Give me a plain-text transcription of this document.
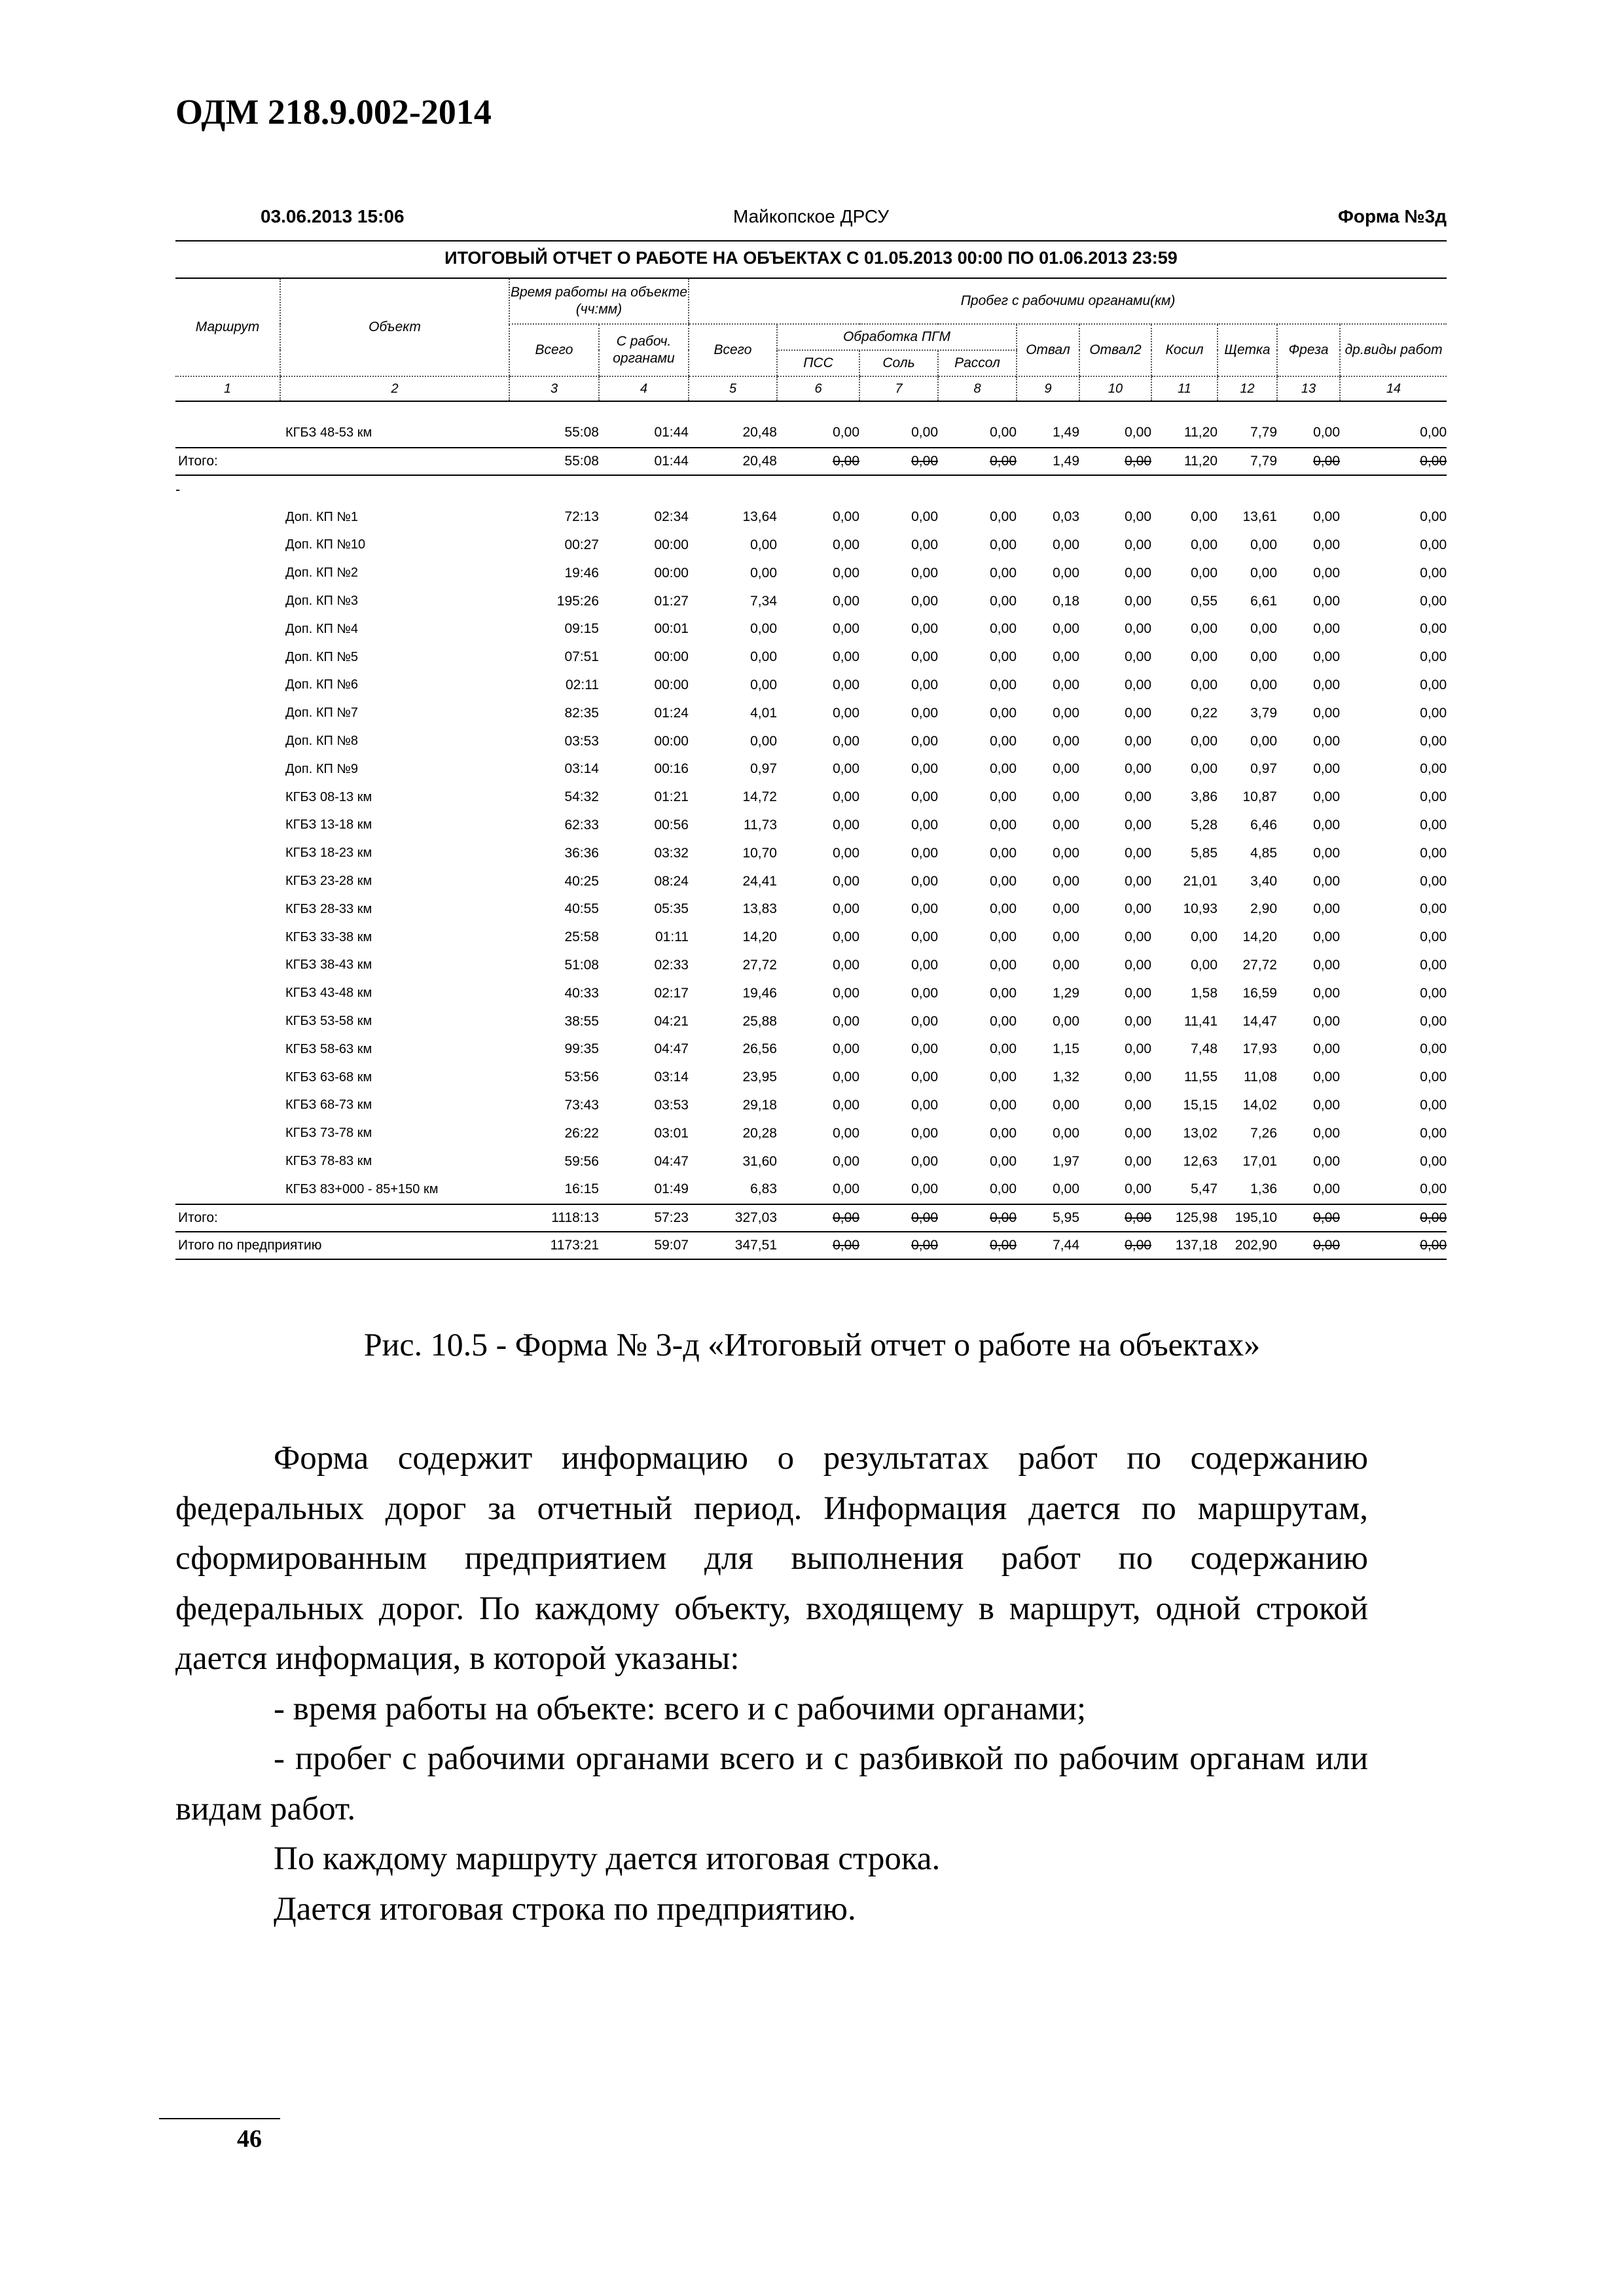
ОДМ 218.9.002-2014
Майкопское ДРСУ
03.06.2013 15:06	Форма №3д
ИТОГОВЫЙ ОТЧЕТ О РАБОТЕ НА ОБЪЕКТАХ С 01.05.2013 00:00 ПО 01.06.2013 23:59
Маршрут	Объект	Время работы на объекте (чч:мм)		Пробег с рабочими органами(км)									
		Всего	С рабоч. органами	Всего	Обработка ПГМ			Отвал	Отвал2	Косил	Щетка	Фреза	др.виды работ
					ПСС	Соль	Рассол						
1	2	3	4	5	6	7	8	9	10	11	12	13	14

	КГБЗ 48-53 км	55:08	01:44	20,48	0,00	0,00	0,00	1,49	0,00	11,20	7,79	0,00	0,00
Итого:		55:08	01:44	20,48	0,00	0,00	0,00	1,49	0,00	11,20	7,79	0,00	0,00
-													
	Доп. КП №1	72:13	02:34	13,64	0,00	0,00	0,00	0,03	0,00	0,00	13,61	0,00	0,00
	Доп. КП №10	00:27	00:00	0,00	0,00	0,00	0,00	0,00	0,00	0,00	0,00	0,00	0,00
	Доп. КП №2	19:46	00:00	0,00	0,00	0,00	0,00	0,00	0,00	0,00	0,00	0,00	0,00
	Доп. КП №3	195:26	01:27	7,34	0,00	0,00	0,00	0,18	0,00	0,55	6,61	0,00	0,00
	Доп. КП №4	09:15	00:01	0,00	0,00	0,00	0,00	0,00	0,00	0,00	0,00	0,00	0,00
	Доп. КП №5	07:51	00:00	0,00	0,00	0,00	0,00	0,00	0,00	0,00	0,00	0,00	0,00
	Доп. КП №6	02:11	00:00	0,00	0,00	0,00	0,00	0,00	0,00	0,00	0,00	0,00	0,00
	Доп. КП №7	82:35	01:24	4,01	0,00	0,00	0,00	0,00	0,00	0,22	3,79	0,00	0,00
	Доп. КП №8	03:53	00:00	0,00	0,00	0,00	0,00	0,00	0,00	0,00	0,00	0,00	0,00
	Доп. КП №9	03:14	00:16	0,97	0,00	0,00	0,00	0,00	0,00	0,00	0,97	0,00	0,00
	КГБЗ 08-13 км	54:32	01:21	14,72	0,00	0,00	0,00	0,00	0,00	3,86	10,87	0,00	0,00
	КГБЗ 13-18 км	62:33	00:56	11,73	0,00	0,00	0,00	0,00	0,00	5,28	6,46	0,00	0,00
	КГБЗ 18-23 км	36:36	03:32	10,70	0,00	0,00	0,00	0,00	0,00	5,85	4,85	0,00	0,00
	КГБЗ 23-28 км	40:25	08:24	24,41	0,00	0,00	0,00	0,00	0,00	21,01	3,40	0,00	0,00
	КГБЗ 28-33 км	40:55	05:35	13,83	0,00	0,00	0,00	0,00	0,00	10,93	2,90	0,00	0,00
	КГБЗ 33-38 км	25:58	01:11	14,20	0,00	0,00	0,00	0,00	0,00	0,00	14,20	0,00	0,00
	КГБЗ 38-43 км	51:08	02:33	27,72	0,00	0,00	0,00	0,00	0,00	0,00	27,72	0,00	0,00
	КГБЗ 43-48 км	40:33	02:17	19,46	0,00	0,00	0,00	1,29	0,00	1,58	16,59	0,00	0,00
	КГБЗ 53-58 км	38:55	04:21	25,88	0,00	0,00	0,00	0,00	0,00	11,41	14,47	0,00	0,00
	КГБЗ 58-63 км	99:35	04:47	26,56	0,00	0,00	0,00	1,15	0,00	7,48	17,93	0,00	0,00
	КГБЗ 63-68 км	53:56	03:14	23,95	0,00	0,00	0,00	1,32	0,00	11,55	11,08	0,00	0,00
	КГБЗ 68-73 км	73:43	03:53	29,18	0,00	0,00	0,00	0,00	0,00	15,15	14,02	0,00	0,00
	КГБЗ 73-78 км	26:22	03:01	20,28	0,00	0,00	0,00	0,00	0,00	13,02	7,26	0,00	0,00
	КГБЗ 78-83 км	59:56	04:47	31,60	0,00	0,00	0,00	1,97	0,00	12,63	17,01	0,00	0,00
	КГБЗ 83+000 - 85+150 км	16:15	01:49	6,83	0,00	0,00	0,00	0,00	0,00	5,47	1,36	0,00	0,00
Итого:		1118:13	57:23	327,03	0,00	0,00	0,00	5,95	0,00	125,98	195,10	0,00	0,00
Итого по предприятию		1173:21	59:07	347,51	0,00	0,00	0,00	7,44	0,00	137,18	202,90	0,00	0,00
Рис. 10.5 - Форма № 3-д «Итоговый отчет о работе на объектах»

Форма содержит информацию о результатах работ по содержанию федеральных дорог за отчетный период. Информация дается по маршрутам, сформированным предприятием для выполнения работ по содержанию федеральных дорог. По каждому объекту, входящему в маршрут, одной строкой дается информация, в которой указаны:

- время работы на объекте: всего и с рабочими органами;

- пробег с рабочими органами всего и с разбивкой по рабочим органам или видам работ.

По каждому маршруту дается итоговая строка.

Дается итоговая строка по предприятию.

46
